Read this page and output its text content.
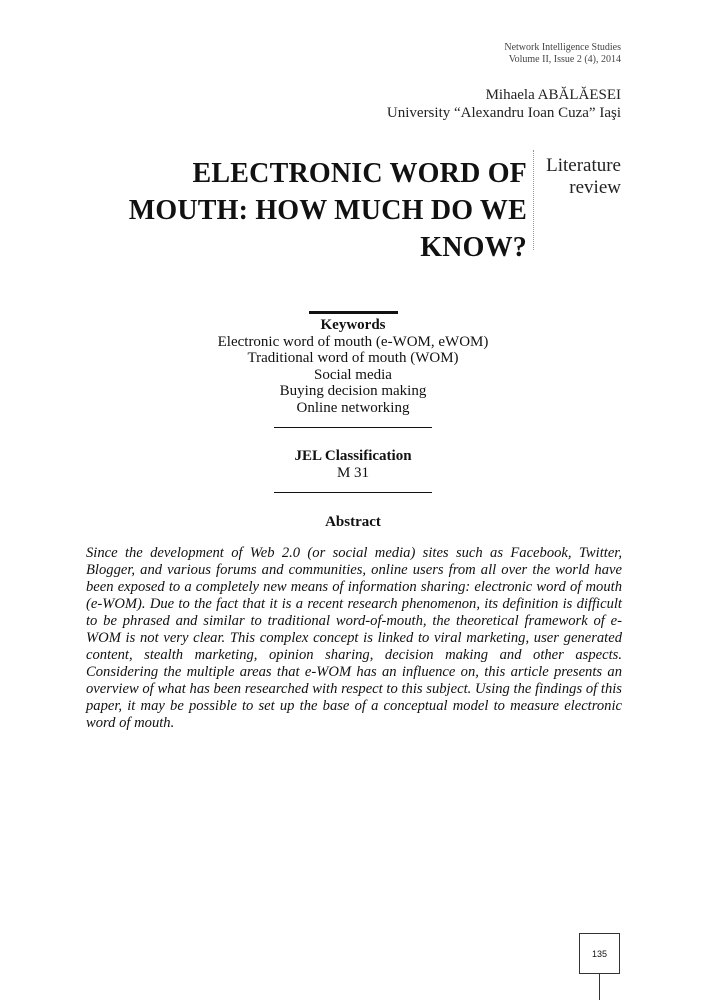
Network Intelligence Studies
Volume II, Issue 2 (4), 2014
Mihaela ABĂLĂESEI
University “Alexandru Ioan Cuza” Iaşi
ELECTRONIC WORD OF
MOUTH: HOW MUCH DO WE
KNOW?
Literature
review
Keywords
Electronic word of mouth (e-WOM, eWOM)
Traditional word of mouth (WOM)
Social media
Buying decision making
Online networking
JEL Classification
M 31
Abstract

Since the development of Web 2.0 (or social media) sites such as Facebook, Twitter, Blogger, and various forums and communities, online users from all over the world have been exposed to a completely new means of information sharing: electronic word of mouth (e-WOM). Due to the fact that it is a recent research phenomenon, its definition is difficult to be phrased and similar to traditional word-of-mouth, the theoretical framework of e-WOM is not very clear. This complex concept is linked to viral marketing, user generated content, stealth marketing, opinion sharing, decision making and other aspects. Considering the multiple areas that e-WOM has an influence on, this article presents an overview of what has been researched with respect to this subject. Using the findings of this paper, it may be possible to set up the base of a conceptual model to measure electronic word of mouth.

135
